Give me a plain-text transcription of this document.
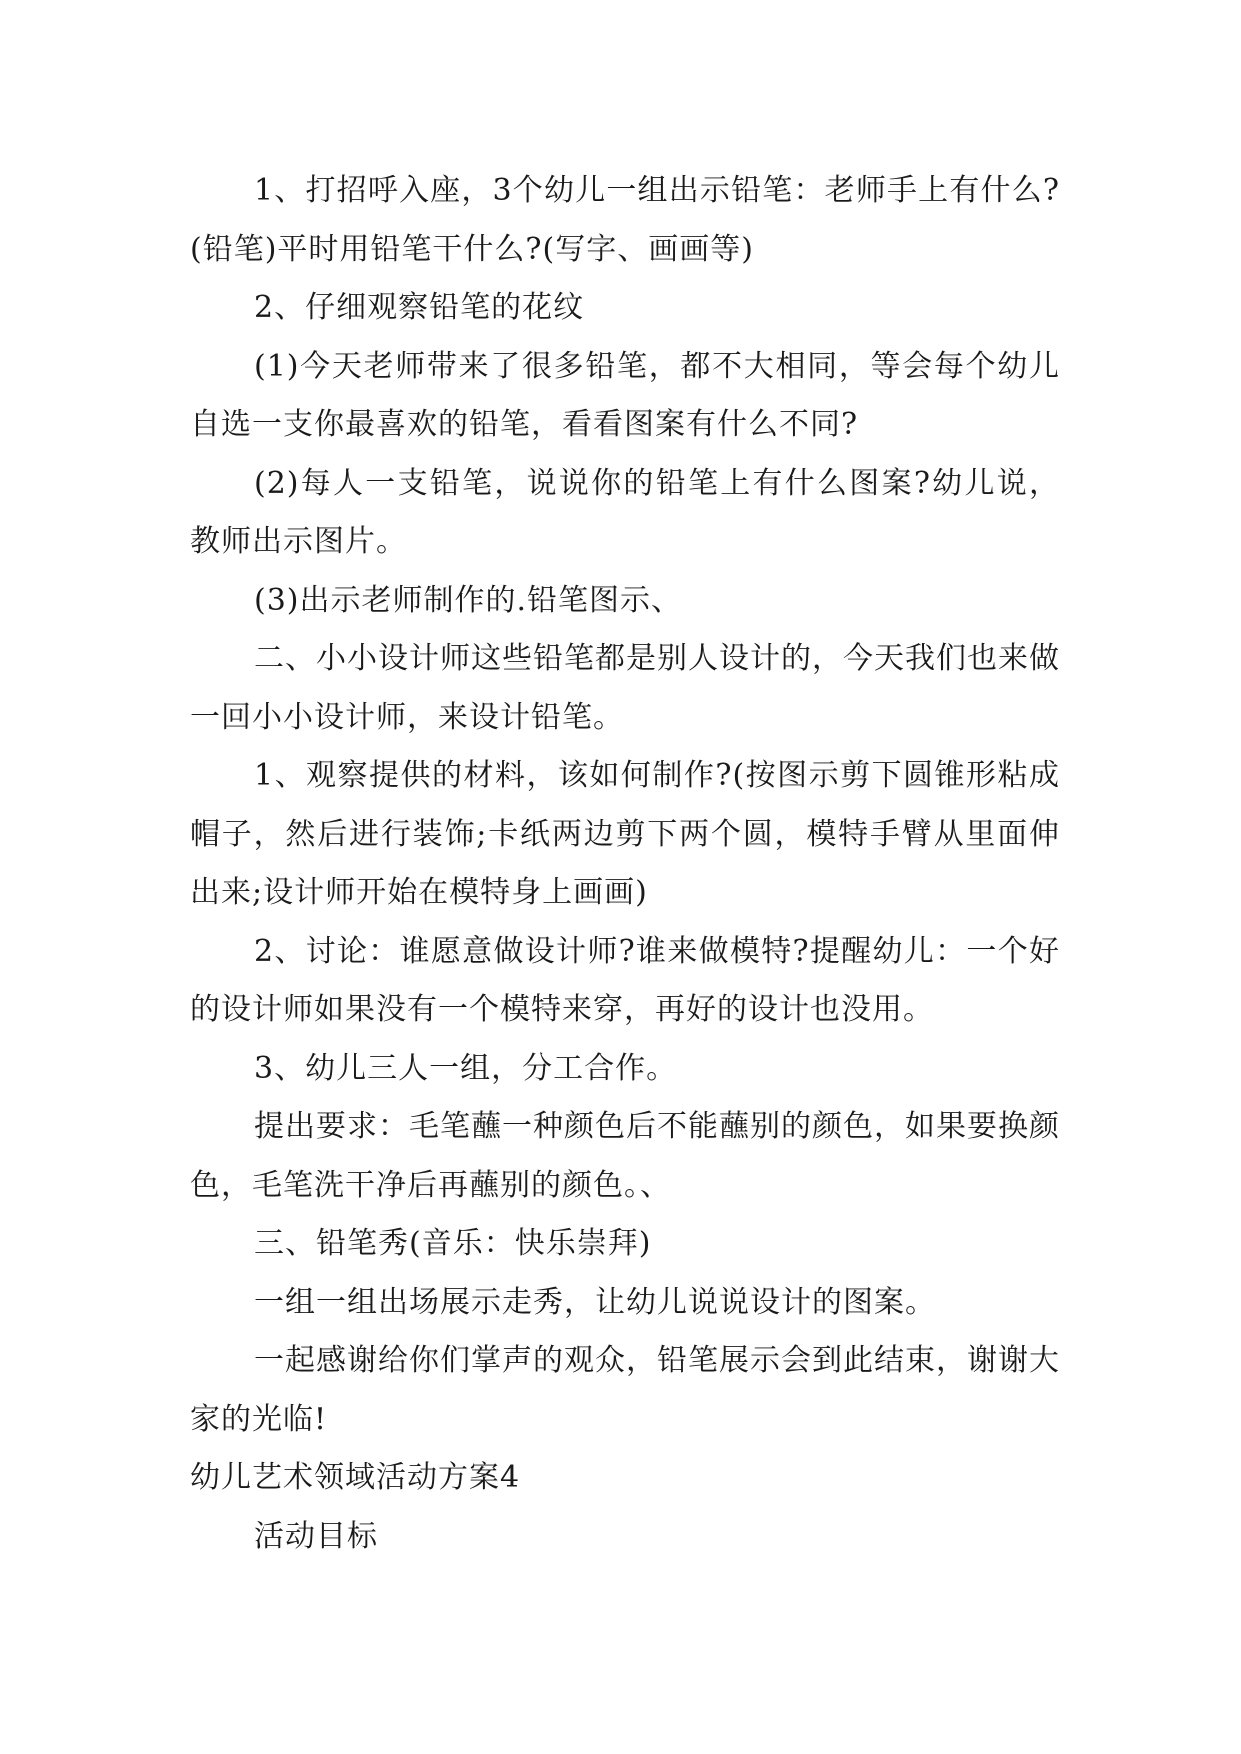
1、打招呼入座，3个幼儿一组出示铅笔：老师手上有什么?(铅笔)平时用铅笔干什么?(写字、画画等)

2、仔细观察铅笔的花纹

(1)今天老师带来了很多铅笔，都不大相同，等会每个幼儿自选一支你最喜欢的铅笔，看看图案有什么不同?

(2)每人一支铅笔，说说你的铅笔上有什么图案?幼儿说，教师出示图片。

(3)出示老师制作的.铅笔图示、

二、小小设计师这些铅笔都是别人设计的，今天我们也来做一回小小设计师，来设计铅笔。

1、观察提供的材料，该如何制作?(按图示剪下圆锥形粘成帽子，然后进行装饰;卡纸两边剪下两个圆，模特手臂从里面伸出来;设计师开始在模特身上画画)

2、讨论：谁愿意做设计师?谁来做模特?提醒幼儿：一个好的设计师如果没有一个模特来穿，再好的设计也没用。

3、幼儿三人一组，分工合作。

提出要求：毛笔蘸一种颜色后不能蘸别的颜色，如果要换颜色，毛笔洗干净后再蘸别的颜色。、

三、铅笔秀(音乐：快乐崇拜)

一组一组出场展示走秀，让幼儿说说设计的图案。

一起感谢给你们掌声的观众，铅笔展示会到此结束，谢谢大家的光临!

幼儿艺术领域活动方案4

活动目标
